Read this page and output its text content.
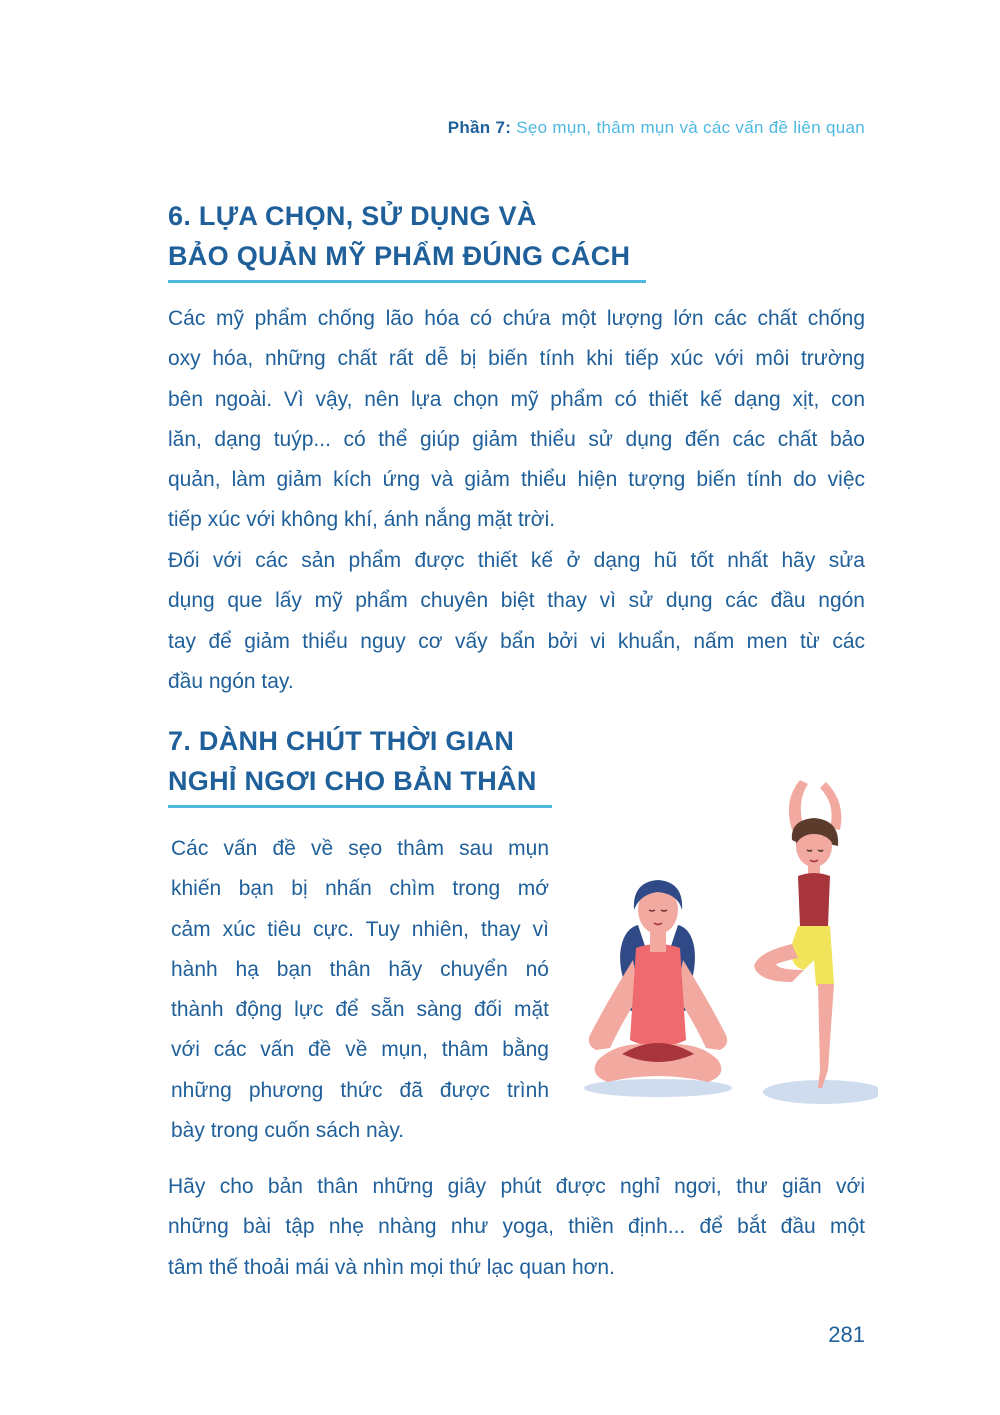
Phần 7: Sẹo mụn, thâm mụn và các vấn đề liên quan
6. LỰA CHỌN, SỬ DỤNG VÀ
BẢO QUẢN MỸ PHẨM ĐÚNG CÁCH
Các mỹ phẩm chống lão hóa có chứa một lượng lớn các chất chống
oxy hóa, những chất rất dễ bị biến tính khi tiếp xúc với môi trường
bên ngoài. Vì vậy, nên lựa chọn mỹ phẩm có thiết kế dạng xịt, con
lăn, dạng tuýp... có thể giúp giảm thiểu sử dụng đến các chất bảo
quản, làm giảm kích ứng và giảm thiểu hiện tượng biến tính do việc
tiếp xúc với không khí, ánh nắng mặt trời.
Đối với các sản phẩm được thiết kế ở dạng hũ tốt nhất hãy sửa
dụng que lấy mỹ phẩm chuyên biệt thay vì sử dụng các đầu ngón
tay để giảm thiểu nguy cơ vấy bẩn bởi vi khuẩn, nấm men từ các
đầu ngón tay.
7. DÀNH CHÚT THỜI GIAN
NGHỈ NGƠI CHO BẢN THÂN
Các vấn đề về sẹo thâm sau mụn
khiến bạn bị nhấn chìm trong mớ
cảm xúc tiêu cực. Tuy nhiên, thay vì
hành hạ bạn thân hãy chuyển nó
thành động lực để sẵn sàng đối mặt
với các vấn đề về mụn, thâm bằng
những phương thức đã được trình
bày trong cuốn sách này.
Hãy cho bản thân những giây phút được nghỉ ngơi, thư giãn với
những bài tập nhẹ nhàng như yoga, thiền định... để bắt đầu một
tâm thế thoải mái và nhìn mọi thứ lạc quan hơn.
281
